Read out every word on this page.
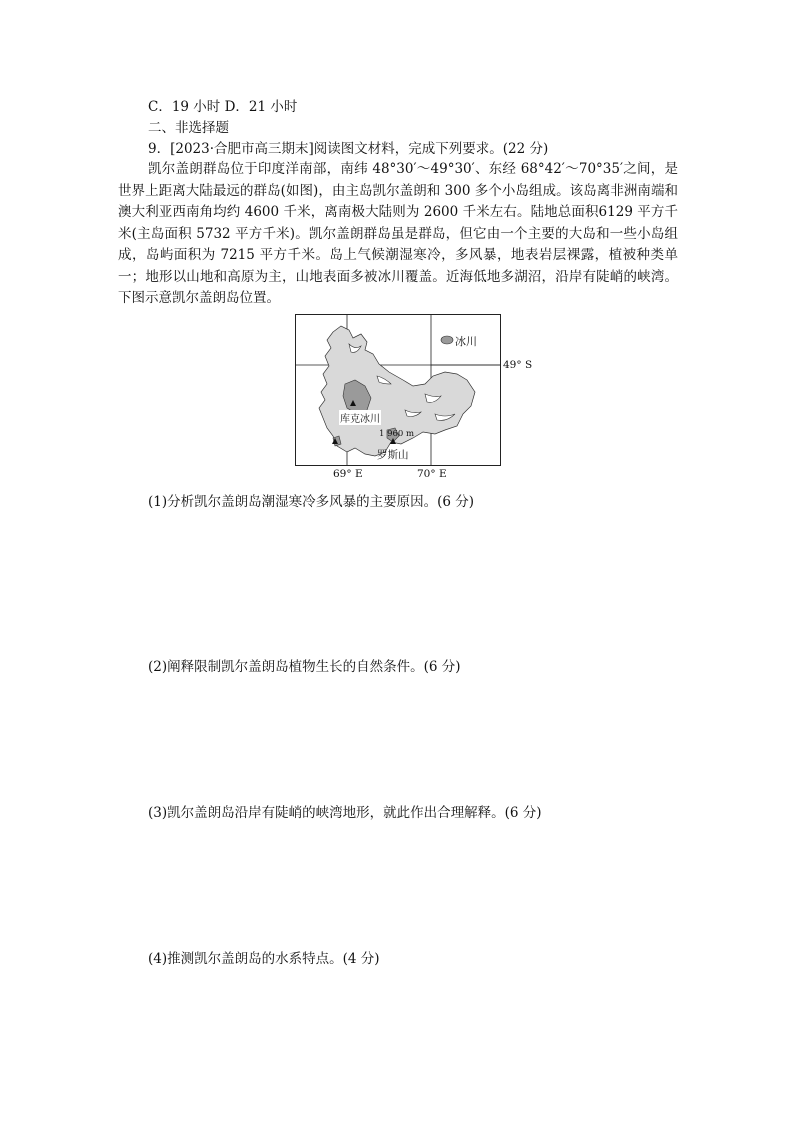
C．19 小时 D．21 小时
二、非选择题
9．[2023·合肥市高三期末]阅读图文材料，完成下列要求。(22 分)
凯尔盖朗群岛位于印度洋南部，南纬 48°30′～49°30′、东经 68°42′～70°35′之间，是世界上距离大陆最远的群岛(如图)，由主岛凯尔盖朗和 300 多个小岛组成。该岛离非洲南端和澳大利亚西南角均约 4600 千米，离南极大陆则为 2600 千米左右。陆地总面积6129 平方千米(主岛面积 5732 平方千米)。凯尔盖朗群岛虽是群岛，但它由一个主要的大岛和一些小岛组成，岛屿面积为 7215 平方千米。岛上气候潮湿寒冷，多风暴，地表岩层裸露，植被种类单一；地形以山地和高原为主，山地表面多被冰川覆盖。近海低地多湖沼，沿岸有陡峭的峡湾。下图示意凯尔盖朗岛位置。
冰川
49° S
69° E	70° E
库克冰川
1 960 m
罗斯山
(1)分析凯尔盖朗岛潮湿寒冷多风暴的主要原因。(6 分)
(2)阐释限制凯尔盖朗岛植物生长的自然条件。(6 分)
(3)凯尔盖朗岛沿岸有陡峭的峡湾地形，就此作出合理解释。(6 分)
(4)推测凯尔盖朗岛的水系特点。(4 分)
